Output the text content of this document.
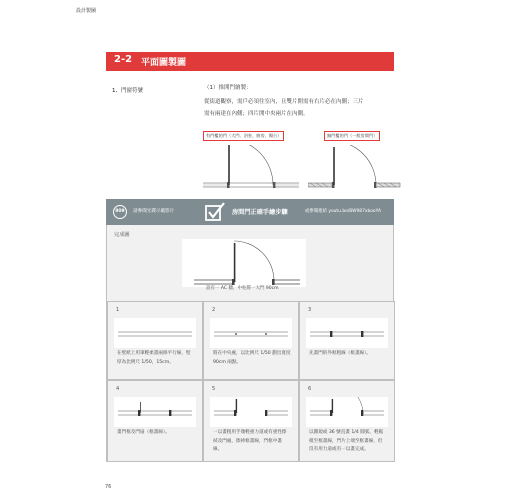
設計製圖
2-2 平面圖製圖
1、門窗符號	（1）推開門繪製：
從街道觀察，需戶必須往室內，且雙片開需有右片必在內側；三片
需有兩達在內側；四片開中央兩片在內側。
有門檻的門（大門、浴室、廚房、陽台）	無門檻的門（一般房間門）
809	請參閱光碟示範影片	房間門正確手繪步驟	或參閱連結 youtu.be/BW987xbooYA
完成圖
設有一 AC 牆，中柱將一大門 90cm
1
在壁紙上用筆輕柔畫兩條平行線，壁厚為比例尺 1/50，15cm。
2
將在中央處，以比例尺 1/50 劃出寬度 90cm 兩點。
3
先畫門的外框粗線（框畫線）。
4
畫門框及門扇（框畫線）。
5
一以畫粗用手幾輕重力道或有重性擦拭及門處，擦掉框畫線，門框中畫線。
6
以圓規或 36 號直畫 1/4 圓弧，輕鬆模至框畫線，門片上端至框畫線，但沒有用力道或有一以畫完成。
76
